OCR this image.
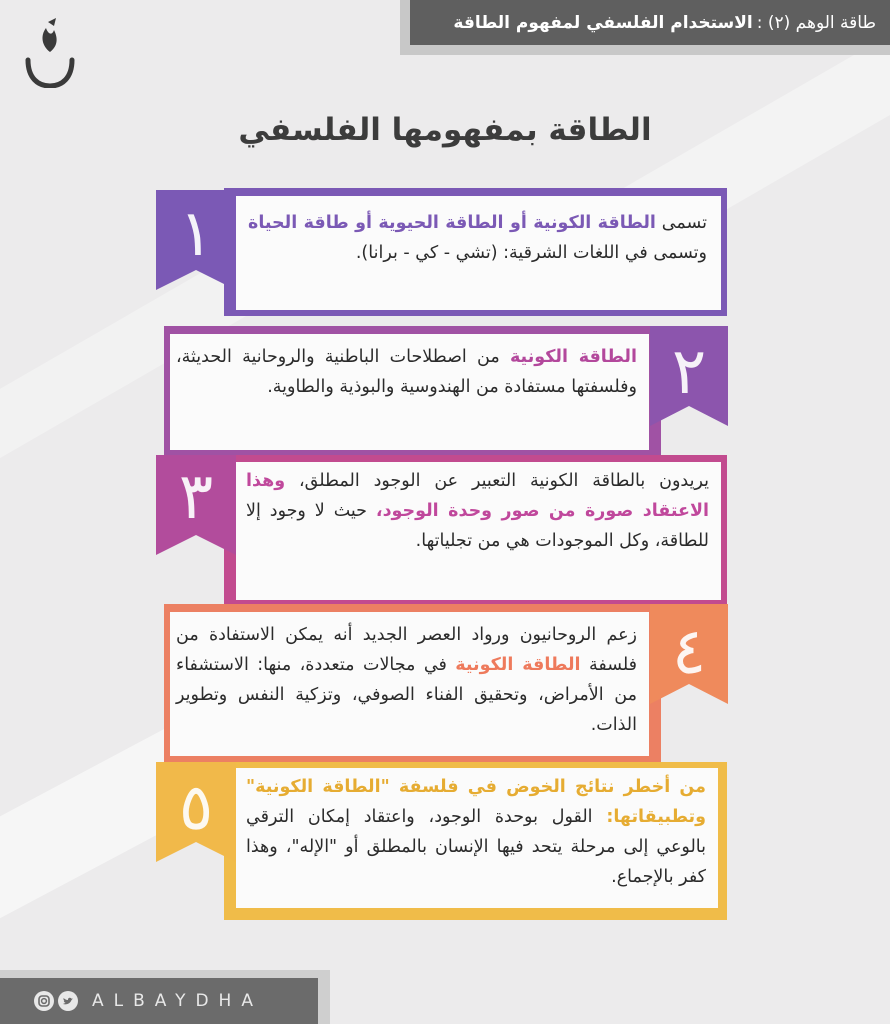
طاقة الوهم (٢) :
الاستخدام الفلسفي لمفهوم الطاقة
الطاقة بمفهومها الفلسفي
تسمى الطاقة الكونية أو الطاقة الحيوية أو طاقة الحياة وتسمى في اللغات الشرقية: (تشي - كي - برانا).
١
الطاقة الكونية من اصطلاحات الباطنية والروحانية الحديثة، وفلسفتها مستفادة من الهندوسية والبوذية والطاوية. ٢
يريدون بالطاقة الكونية التعبير عن الوجود المطلق، وهذا الاعتقاد صورة من صور وحدة الوجود، حيث لا وجود إلا للطاقة، وكل الموجودات هي من تجلياتها.
٣
زعم الروحانيون ورواد العصر الجديد أنه يمكن الاستفادة من فلسفة الطاقة الكونية في مجالات متعددة، منها: الاستشفاء من الأمراض، وتحقيق الفناء الصوفي، وتزكية النفس وتطوير الذات.
٤
من أخطر نتائج الخوض في فلسفة "الطاقة الكونية" وتطبيقاتها: القول بوحدة الوجود، واعتقاد إمكان الترقي بالوعي إلى مرحلة يتحد فيها الإنسان بالمطلق أو "الإله"، وهذا كفر بالإجماع.
٥
ALBAYDHA
